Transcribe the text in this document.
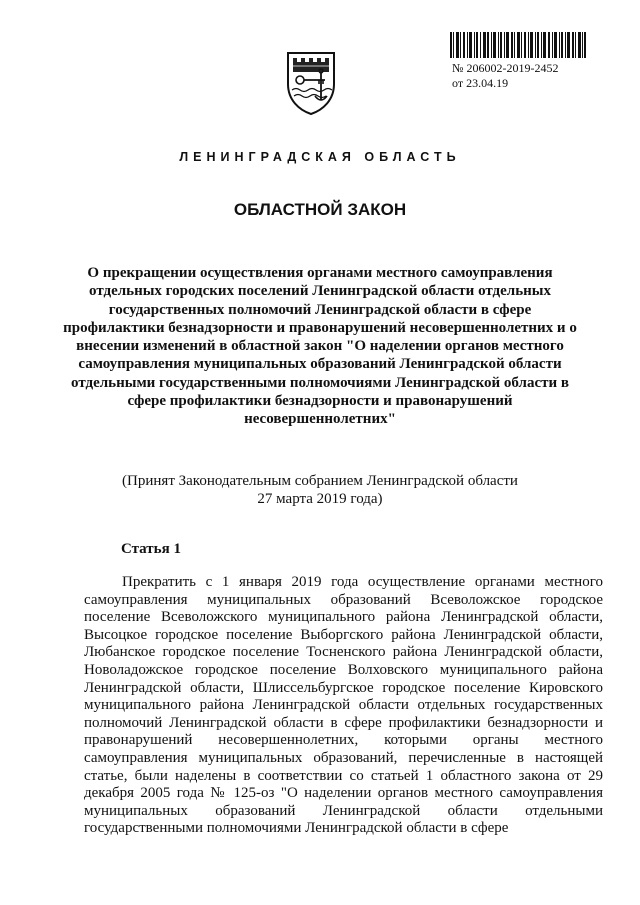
№ 206002-2019-2452
от 23.04.19
ЛЕНИНГРАДСКАЯ ОБЛАСТЬ
ОБЛАСТНОЙ ЗАКОН
О прекращении осуществления органами местного самоуправления отдельных городских поселений Ленинградской области отдельных государственных полномочий Ленинградской области в сфере профилактики безнадзорности и правонарушений несовершеннолетних и о внесении изменений в областной закон "О наделении органов местного самоуправления муниципальных образований Ленинградской области отдельными государственными полномочиями Ленинградской области в сфере профилактики безнадзорности и правонарушений несовершеннолетних"
(Принят Законодательным собранием Ленинградской области
27 марта 2019 года)
Статья 1
Прекратить с 1 января 2019 года осуществление органами местного самоуправления муниципальных образований Всеволожское городское поселение Всеволожского муниципального района Ленинградской области, Высоцкое городское поселение Выборгского района Ленинградской области, Любанское городское поселение Тосненского района Ленинградской области, Новоладожское городское поселение Волховского муниципального района Ленинградской области, Шлиссельбургское городское поселение Кировского муниципального района Ленинградской области отдельных государственных полномочий Ленинградской области в сфере профилактики безнадзорности и правонарушений несовершеннолетних, которыми органы местного самоуправления муниципальных образований, перечисленные в настоящей статье, были наделены в соответствии со статьей 1 областного закона от 29 декабря 2005 года № 125-оз "О наделении органов местного самоуправления муниципальных образований Ленинградской области отдельными государственными полномочиями Ленинградской области в сфере
